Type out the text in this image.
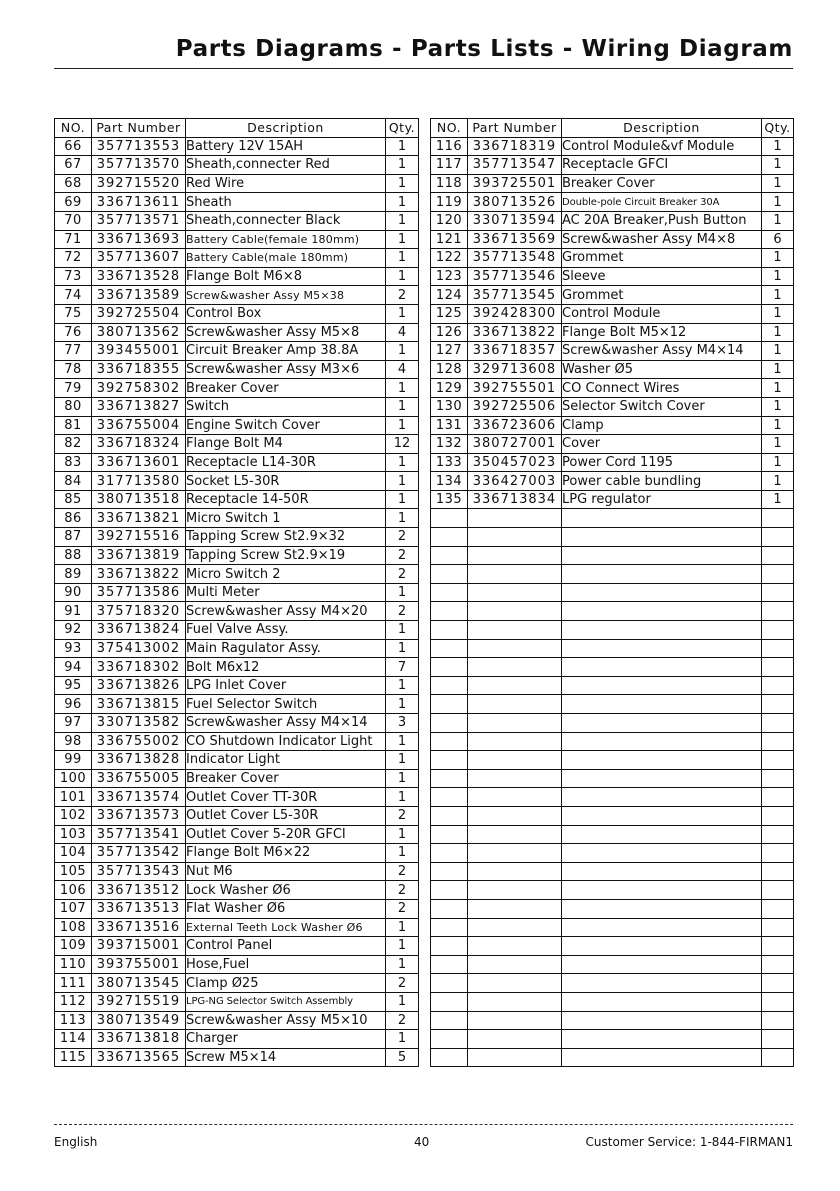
Parts Diagrams - Parts Lists - Wiring Diagram
NO.	Part Number	Description	Qty.
66	357713553	Battery 12V 15AH	1
67	357713570	Sheath,connecter Red	1
68	392715520	Red Wire	1
69	336713611	Sheath	1
70	357713571	Sheath,connecter Black	1
71	336713693	Battery Cable(female 180mm)	1
72	357713607	Battery Cable(male 180mm)	1
73	336713528	Flange Bolt M6×8	1
74	336713589	Screw&washer Assy M5×38	2
75	392725504	Control Box	1
76	380713562	Screw&washer Assy M5×8	4
77	393455001	Circuit Breaker Amp 38.8A	1
78	336718355	Screw&washer Assy M3×6	4
79	392758302	Breaker Cover	1
80	336713827	Switch	1
81	336755004	Engine Switch Cover	1
82	336718324	Flange Bolt M4	12
83	336713601	Receptacle L14-30R	1
84	317713580	Socket L5-30R	1
85	380713518	Receptacle 14-50R	1
86	336713821	Micro Switch 1	1
87	392715516	Tapping Screw St2.9×32	2
88	336713819	Tapping Screw St2.9×19	2
89	336713822	Micro Switch 2	2
90	357713586	Multi Meter	1
91	375718320	Screw&washer Assy M4×20	2
92	336713824	Fuel Valve Assy.	1
93	375413002	Main Ragulator Assy.	1
94	336718302	Bolt M6x12	7
95	336713826	LPG Inlet Cover	1
96	336713815	Fuel Selector Switch	1
97	330713582	Screw&washer Assy M4×14	3
98	336755002	CO Shutdown Indicator Light	1
99	336713828	Indicator Light	1
100	336755005	Breaker Cover	1
101	336713574	Outlet Cover TT-30R	1
102	336713573	Outlet Cover L5-30R	2
103	357713541	Outlet Cover 5-20R GFCI	1
104	357713542	Flange Bolt M6×22	1
105	357713543	Nut M6	2
106	336713512	Lock Washer Ø6	2
107	336713513	Flat Washer Ø6	2
108	336713516	External Teeth Lock Washer Ø6	1
109	393715001	Control Panel	1
110	393755001	Hose,Fuel	1
111	380713545	Clamp Ø25	2
112	392715519	LPG-NG Selector Switch Assembly	1
113	380713549	Screw&washer Assy M5×10	2
114	336713818	Charger	1
115	336713565	Screw M5×14	5
NO.	Part Number	Description	Qty.
116	336718319	Control Module&vf Module	1
117	357713547	Receptacle GFCI	1
118	393725501	Breaker Cover	1
119	380713526	Double-pole Circuit Breaker 30A	1
120	330713594	AC 20A Breaker,Push Button	1
121	336713569	Screw&washer Assy M4×8	6
122	357713548	Grommet	1
123	357713546	Sleeve	1
124	357713545	Grommet	1
125	392428300	Control Module	1
126	336713822	Flange Bolt M5×12	1
127	336718357	Screw&washer Assy M4×14	1
128	329713608	Washer Ø5	1
129	392755501	CO Connect Wires	1
130	392725506	Selector Switch Cover	1
131	336723606	Clamp	1
132	380727001	Cover	1
133	350457023	Power Cord 1195	1
134	336427003	Power cable bundling	1
135	336713834	LPG regulator	1

English	40	Customer Service: 1-844-FIRMAN1
